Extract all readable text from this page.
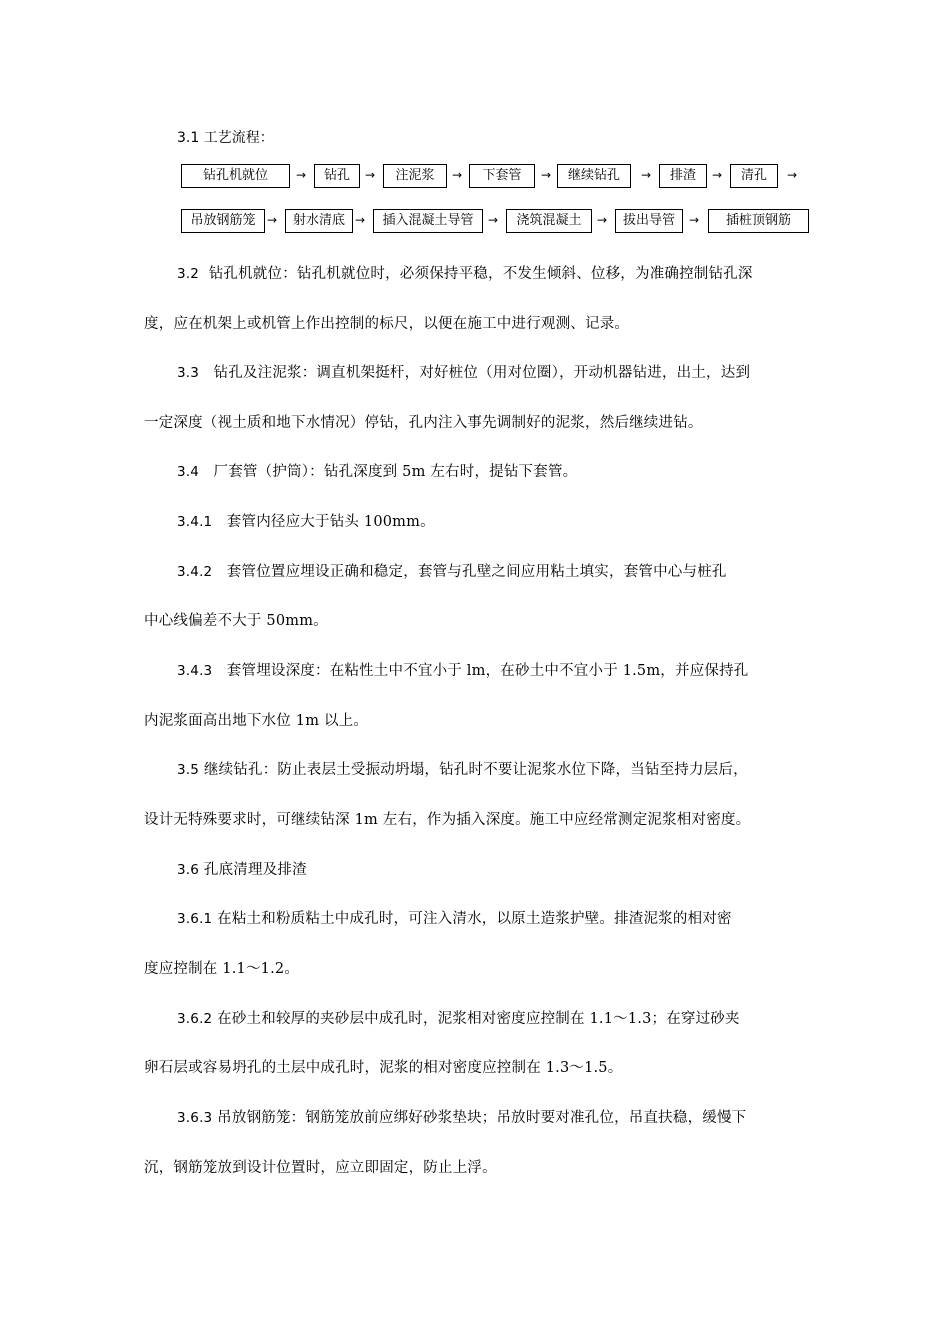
3.1 工艺流程：
钻孔机就位	→	钻孔	→	注泥浆	→	下套管	→	继续钻孔	→	排渣	→	清孔	→
吊放钢筋笼 →	射水清底 →	插入混凝土导管	→	浇筑混凝土	→	拔出导管	→	插桩顶钢筋
3.2 钻孔机就位：钻孔机就位时，必须保持平稳，不发生倾斜、位移，为准确控制钻孔深
度，应在机架上或机管上作出控制的标尺，以便在施工中进行观测、记录。
3.3 钻孔及注泥浆：调直机架挺杆，对好桩位（用对位圈），开动机器钻进，出土，达到
一定深度（视土质和地下水情况）停钻，孔内注入事先调制好的泥浆，然后继续进钻。
3.4 厂套管（护筒）：钻孔深度到 5m 左右时，提钻下套管。
3.4.1 套管内径应大于钻头 100mm。
3.4.2 套管位置应埋设正确和稳定，套管与孔壁之间应用粘土填实，套管中心与桩孔
中心线偏差不大于 50mm。
3.4.3 套管埋设深度：在粘性土中不宜小于 lm，在砂土中不宜小于 1.5m，并应保持孔
内泥浆面高出地下水位 1m 以上。
3.5 继续钻孔：防止表层土受振动坍塌，钻孔时不要让泥浆水位下降，当钻至持力层后，
设计无特殊要求时，可继续钻深 1m 左右，作为插入深度。施工中应经常测定泥浆相对密度。
3.6 孔底清理及排渣
3.6.1 在粘土和粉质粘土中成孔时，可注入清水，以原土造浆护壁。排渣泥浆的相对密
度应控制在 1.1～1.2。
3.6.2 在砂土和较厚的夹砂层中成孔时，泥浆相对密度应控制在 1.1～1.3；在穿过砂夹
卵石层或容易坍孔的土层中成孔时，泥浆的相对密度应控制在 1.3～1.5。
3.6.3 吊放钢筋笼：钢筋笼放前应绑好砂浆垫块；吊放时要对准孔位，吊直扶稳，缓慢下
沉，钢筋笼放到设计位置时，应立即固定，防止上浮。
